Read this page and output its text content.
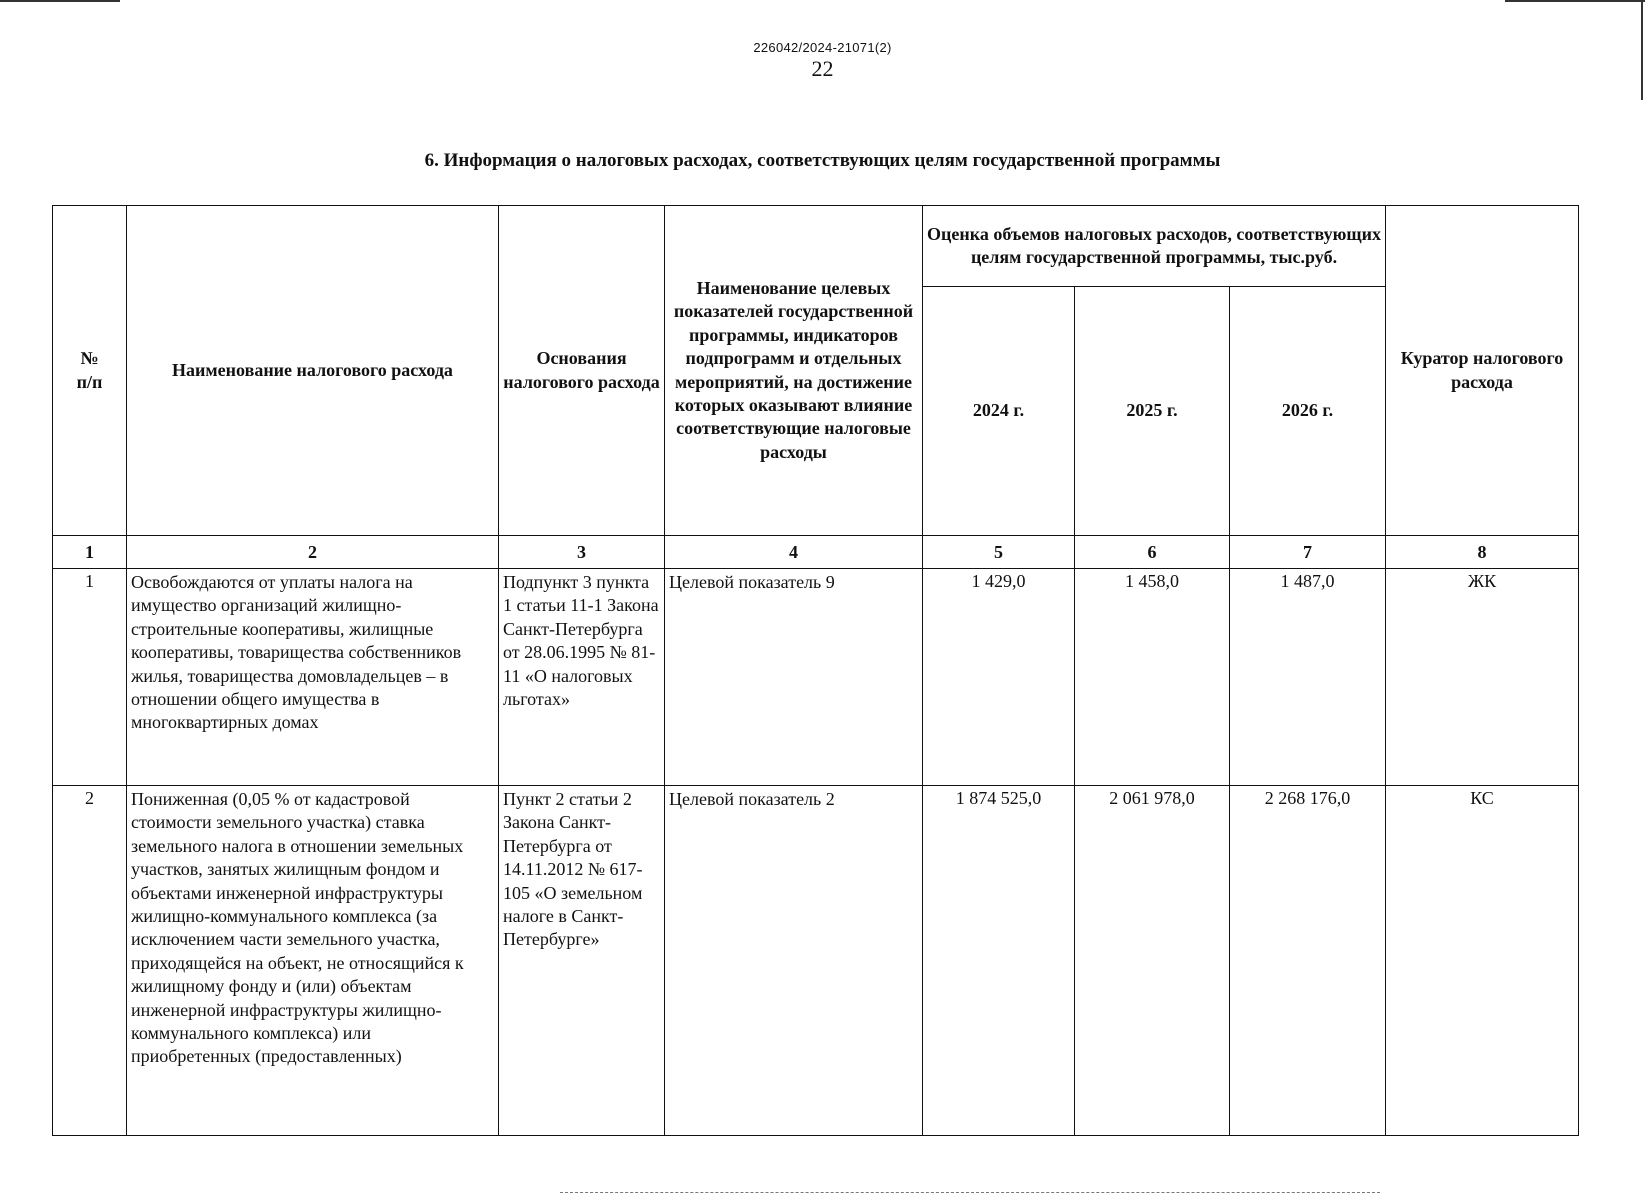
226042/2024-21071(2)
22
6. Информация о налоговых расходах, соответствующих целям государственной программы
№
п/п	Наименование налогового расхода	Основания налогового расхода	Наименование целевых показателей государственной программы, индикаторов подпрограмм и отдельных мероприятий, на достижение которых оказывают влияние соответствующие налоговые расходы	Оценка объемов налоговых расходов, соответствующих целям государственной программы, тыс.руб.			Куратор налогового расхода
				2024 г.	2025 г.	2026 г.	
1	2	3	4	5	6	7	8
1	Освобождаются от уплаты налога на имущество организаций жилищно-строительные кооперативы, жилищные кооперативы, товарищества собственников жилья, товарищества домовладельцев – в отношении общего имущества в многоквартирных домах	Подпункт 3 пункта 1 статьи 11-1 Закона Санкт-Петербурга от 28.06.1995 № 81-11 «О налоговых льготах»	Целевой показатель 9	1 429,0	1 458,0	1 487,0	ЖК
2	Пониженная (0,05 % от кадастровой стоимости земельного участка) ставка земельного налога в отношении земельных участков, занятых жилищным фондом и объектами инженерной инфраструктуры жилищно-коммунального комплекса (за исключением части земельного участка, приходящейся на объект, не относящийся к жилищному фонду и (или) объектам инженерной инфраструктуры жилищно-коммунального комплекса) или приобретенных (предоставленных)	Пункт 2 статьи 2 Закона Санкт-Петербурга от 14.11.2012 № 617-105 «О земельном налоге в Санкт-Петербурге»	Целевой показатель 2	1 874 525,0	2 061 978,0	2 268 176,0	КС
